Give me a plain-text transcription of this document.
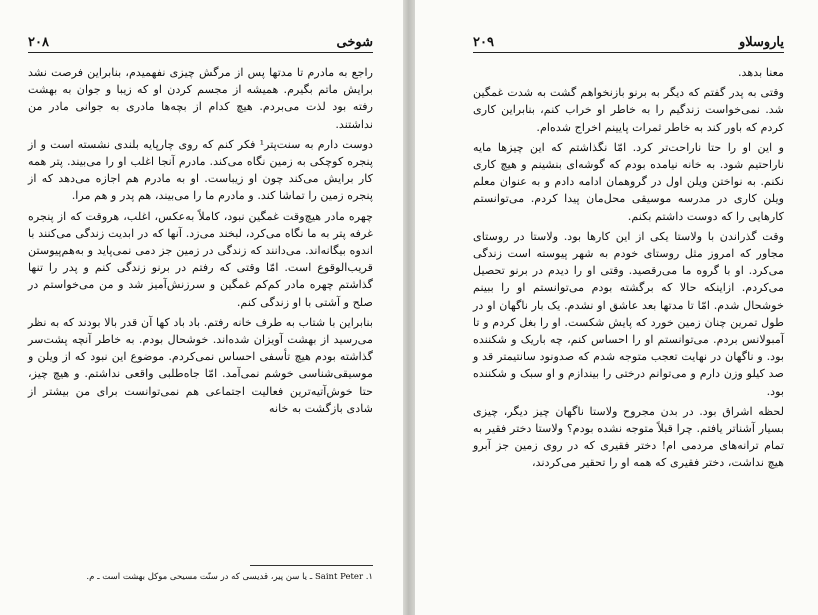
شوخی
۲۰۸

راجع به مادرم تا مدتها پس از مرگش چیزی نفهمیدم، بنابراین فرصت نشد برایش ماتم بگیرم. همیشه از مجسم کردن او که زیبا و جوان به بهشت رفته بود لذت می‌بردم. هیچ کدام از بچه‌ها مادری به جوانی مادر من نداشتند.

دوست دارم به سنت‌پتر¹ فکر کنم که روی چارپایه بلندی نشسته است و از پنجره کوچکی به زمین نگاه می‌کند. مادرم آنجا اغلب او را می‌بیند. پتر همه کار برایش می‌کند چون او زیباست. او به مادرم هم اجازه می‌دهد که از پنجره زمین را تماشا کند. و مادرم ما را می‌بیند، هم پدر و هم مرا.

چهره مادر هیچ‌وقت غمگین نبود، کاملاً به‌عکس، اغلب، هروقت که از پنجره غرفه پتر به ما نگاه می‌کرد، لبخند می‌زد. آنها که در ابدیت زندگی می‌کنند با اندوه بیگانه‌اند. می‌دانند که زندگی در زمین جز دمی نمی‌پاید و به‌هم‌پیوستن قریب‌الوقوع است. امّا وقتی که رفتم در برنو زندگی کنم و پدر را تنها گذاشتم چهره مادر کم‌کم غمگین و سرزنش‌آمیز شد و من می‌خواستم در صلح و آشتی با او زندگی کنم.

بنابراین با شتاب به طرف خانه رفتم. باد باد کها آن قدر بالا بودند که به نظر می‌رسید از بهشت آویزان شده‌اند. خوشحال بودم. به خاطر آنچه پشت‌سر گذاشته بودم هیچ تأسفی احساس نمی‌کردم. موضوع این نبود که از ویلن و موسیقی‌شناسی خوشم نمی‌آمد. امّا جاه‌طلبی واقعی نداشتم. و هیچ چیز، حتا خوش‌آتیه‌ترین فعالیت اجتماعی هم نمی‌توانست برای من بیشتر از شادی بازگشت به خانه

۱. Saint Peter ـ یا سن پیر، قدیسی که در سنّت مسیحی موکل بهشت است ـ م.
یاروسلاو
۲۰۹

معنا بدهد.

وقتی به پدر گفتم که دیگر به برنو بازنخواهم گشت به شدت غمگین شد. نمی‌خواست زندگیم را به خاطر او خراب کنم، بنابراین کاری کردم که باور کند به خاطر ثمرات پایینم اخراج شده‌ام.

و این او را حتا ناراحت‌تر کرد. امّا نگذاشتم که این چیزها مایه ناراحتیم شود. به خانه نیامده بودم که گوشه‌ای بنشینم و هیچ کاری نکنم. به نواختن ویلن اول در گروهمان ادامه دادم و به عنوان معلم ویلن کاری در مدرسه موسیقی محل‌مان پیدا کردم. می‌توانستم کارهایی را که دوست داشتم بکنم.

وقت گذراندن با ولاستا یکی از این کارها بود. ولاستا در روستای مجاور که امروز مثل روستای خودم به شهر پیوسته است زندگی می‌کرد. او با گروه ما می‌رقصید. وقتی او را دیدم در برنو تحصیل می‌کردم. ازاینکه حالا که برگشته بودم می‌توانستم او را ببینم خوشحال شدم. امّا تا مدتها بعد عاشق او نشدم. یک بار ناگهان او در طول تمرین چنان زمین خورد که پایش شکست. او را بغل کردم و تا آمبولانس بردم. می‌توانستم او را احساس کنم، چه باریک و شکننده بود. و ناگهان در نهایت تعجب متوجه شدم که صدونود سانتیمتر قد و صد کیلو وزن دارم و می‌توانم درختی را بیندازم و او سبک و شکننده بود.

لحظه اشراق بود. در بدن مجروح ولاستا ناگهان چیز دیگر، چیزی بسیار آشناتر یافتم. چرا قبلاً متوجه نشده بودم؟ ولاستا دختر فقیر به تمام ترانه‌های مردمی ام! دختر فقیری که در روی زمین جز آبرو هیچ نداشت، دختر فقیری که همه او را تحقیر می‌کردند،
